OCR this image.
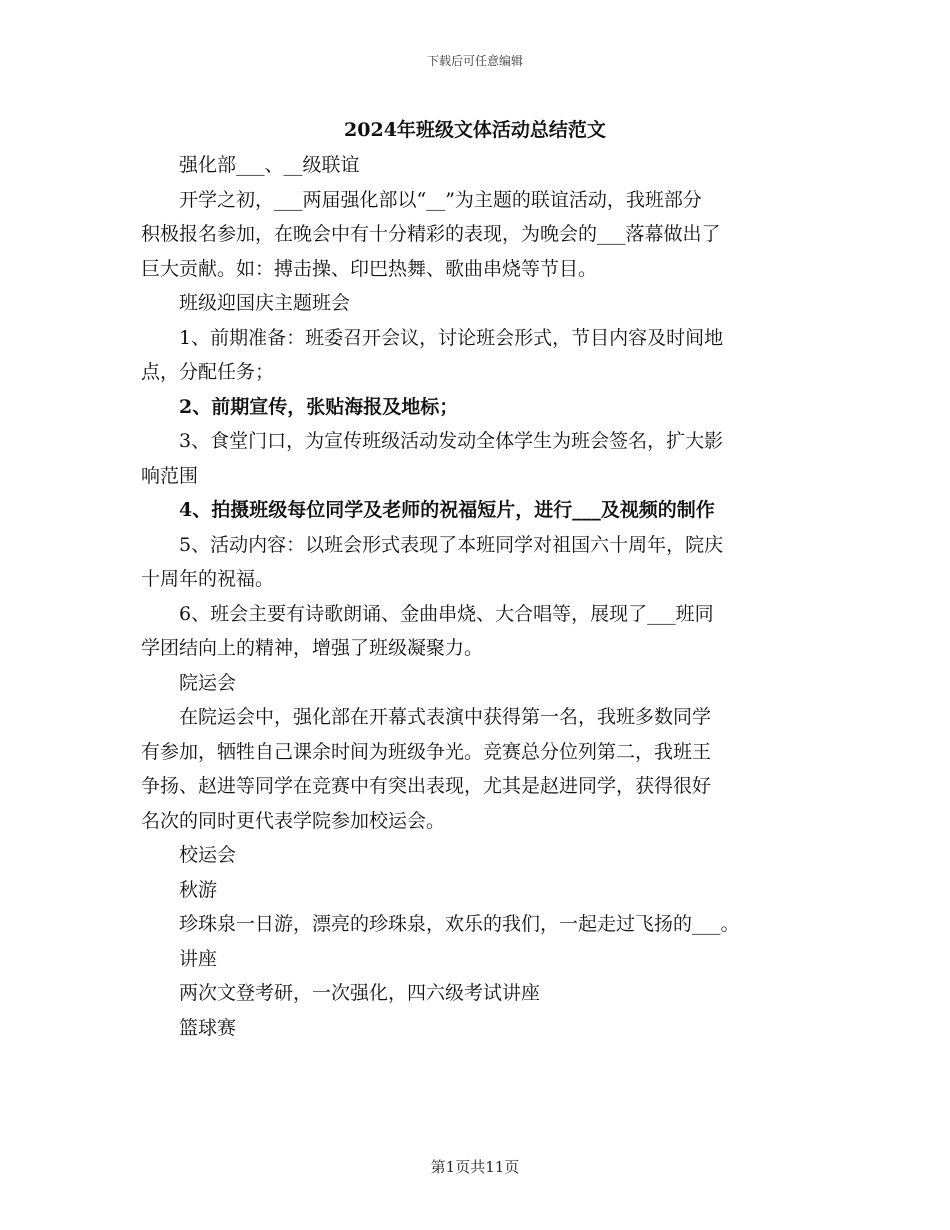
下载后可任意编辑
2024年班级文体活动总结范文

强化部___、__级联谊

开学之初，___两届强化部以“__”为主题的联谊活动，我班部分

积极报名参加，在晚会中有十分精彩的表现，为晚会的___落幕做出了

巨大贡献。如：搏击操、印巴热舞、歌曲串烧等节目。

班级迎国庆主题班会

1、前期准备：班委召开会议，讨论班会形式，节目内容及时间地

点，分配任务；

2、前期宣传，张贴海报及地标；

3、食堂门口，为宣传班级活动发动全体学生为班会签名，扩大影

响范围

4、拍摄班级每位同学及老师的祝福短片，进行___及视频的制作

5、活动内容：以班会形式表现了本班同学对祖国六十周年，院庆

十周年的祝福。

6、班会主要有诗歌朗诵、金曲串烧、大合唱等，展现了___班同

学团结向上的精神，增强了班级凝聚力。

院运会

在院运会中，强化部在开幕式表演中获得第一名，我班多数同学

有参加，牺牲自己课余时间为班级争光。竞赛总分位列第二，我班王

争扬、赵进等同学在竞赛中有突出表现，尤其是赵进同学，获得很好

名次的同时更代表学院参加校运会。

校运会

秋游

珍珠泉一日游，漂亮的珍珠泉，欢乐的我们，一起走过飞扬的___。

讲座

两次文登考研，一次强化，四六级考试讲座

篮球赛

第1页共11页
